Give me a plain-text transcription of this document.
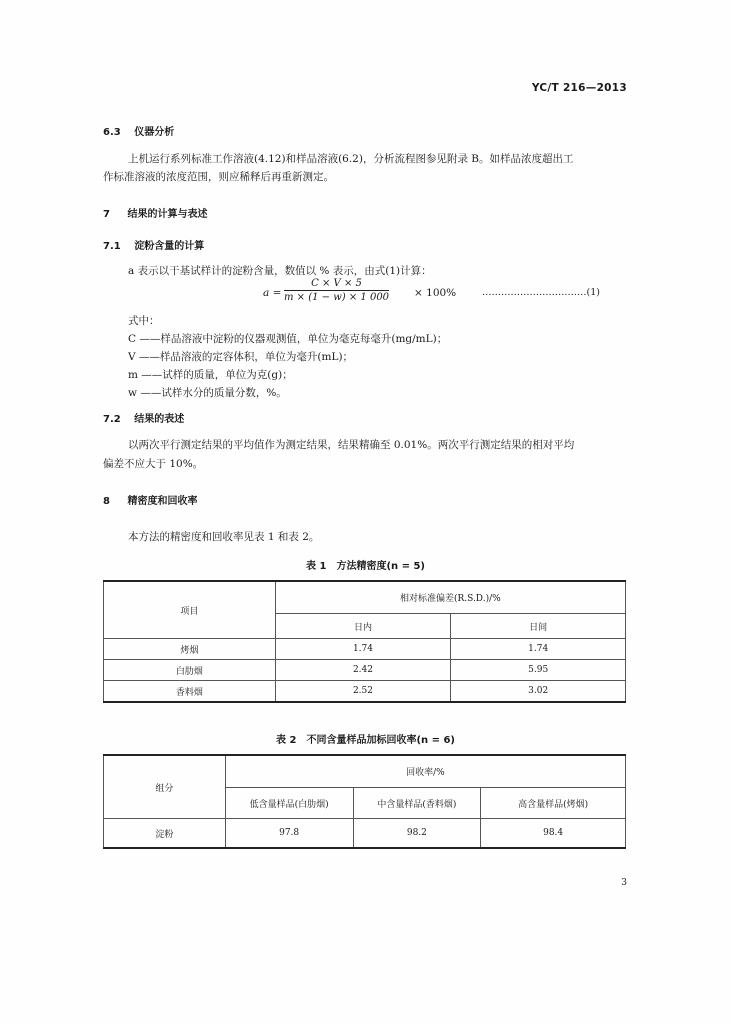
YC/T 216—2013
6.3 仪器分析
上机运行系列标准工作溶液(4.12)和样品溶液(6.2)，分析流程图参见附录 B。如样品浓度超出工
作标准溶液的浓度范围，则应稀释后再重新测定。
7 结果的计算与表述
7.1 淀粉含量的计算
a 表示以干基试样计的淀粉含量，数值以 % 表示，由式(1)计算：
$a = \frac{C \times V \times 5}{m \times (1 - w) \times 1 000} \times 100\%$	……………………………(1)
式中：
C ——样品溶液中淀粉的仪器观测值，单位为毫克每毫升(mg/mL)；
V ——样品溶液的定容体积，单位为毫升(mL)；
m ——试样的质量，单位为克(g)；
w ——试样水分的质量分数，%。
7.2 结果的表述
以两次平行测定结果的平均值作为测定结果，结果精确至 0.01%。两次平行测定结果的相对平均
偏差不应大于 10%。
8 精密度和回收率
本方法的精密度和回收率见表 1 和表 2。
表 1　方法精密度(n = 5)
项目	相对标准偏差(R.S.D.)/%	
	日内	日间
烤烟	1.74	1.74
白肋烟	2.42	5.95
香料烟	2.52	3.02
表 2　不同含量样品加标回收率(n = 6)
组分	回收率/%		
	低含量样品(白肋烟)	中含量样品(香料烟)	高含量样品(烤烟)
淀粉	97.8	98.2	98.4
3
